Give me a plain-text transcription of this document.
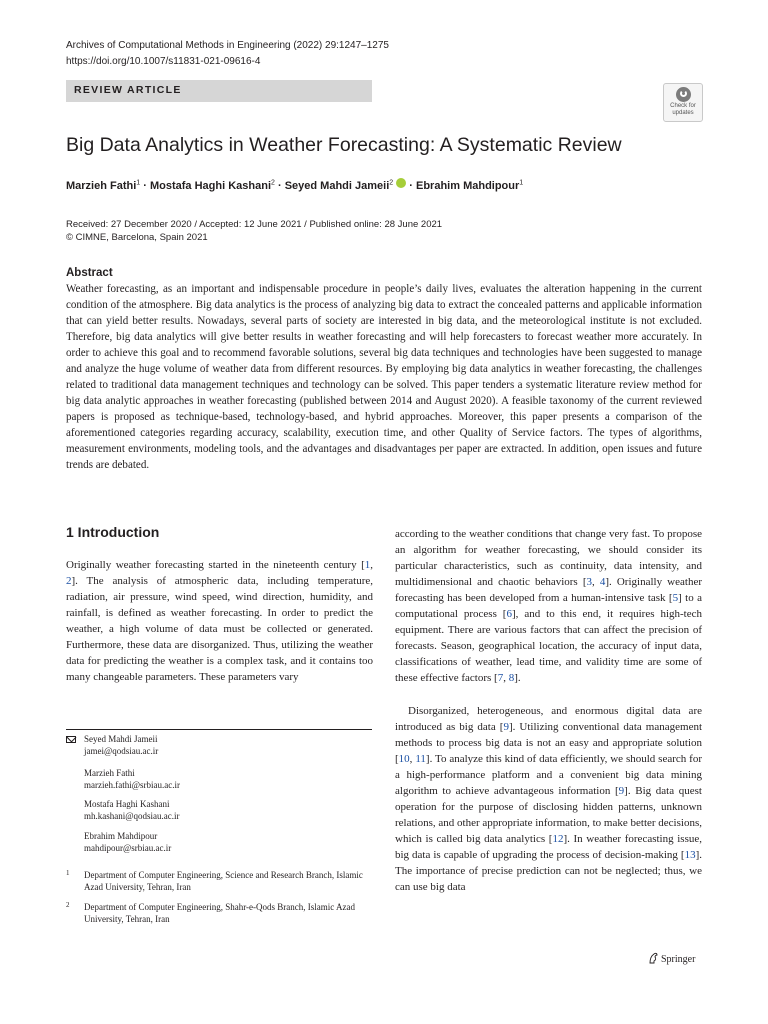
Archives of Computational Methods in Engineering (2022) 29:1247–1275
https://doi.org/10.1007/s11831-021-09616-4
REVIEW ARTICLE
Check for
updates
Big Data Analytics in Weather Forecasting: A Systematic Review
Marzieh Fathi$^1$ · Mostafa Haghi Kashani$^2$ · Seyed Mahdi Jameii$^2$  · Ebrahim Mahdipour$^1$
Received: 27 December 2020 / Accepted: 12 June 2021 / Published online: 28 June 2021
© CIMNE, Barcelona, Spain 2021
Abstract

Weather forecasting, as an important and indispensable procedure in people’s daily lives, evaluates the alteration happening in the current condition of the atmosphere. Big data analytics is the process of analyzing big data to extract the concealed patterns and applicable information that can yield better results. Nowadays, several parts of society are interested in big data, and the meteorological institute is not excluded. Therefore, big data analytics will give better results in weather forecasting and will help forecasters to forecast weather more accurately. In order to achieve this goal and to recommend favorable solutions, several big data techniques and technologies have been suggested to manage and analyze the huge volume of weather data from different resources. By employing big data analytics in weather forecasting, the challenges related to traditional data management techniques and technology can be solved. This paper tenders a systematic literature review method for big data analytic approaches in weather forecasting (published between 2014 and August 2020). A feasible taxonomy of the current reviewed papers is proposed as technique-based, technology-based, and hybrid approaches. Moreover, this paper presents a comparison of the aforementioned categories regarding accuracy, scalability, execution time, and other Quality of Service factors. The types of algorithms, measurement environments, modeling tools, and the advantages and disadvantages per paper are extracted. In addition, open issues and future trends are debated.

1 Introduction

Originally weather forecasting started in the nineteenth century [1, 2]. The analysis of atmospheric data, including temperature, radiation, air pressure, wind speed, wind direction, humidity, and rainfall, is defined as weather forecasting. In order to predict the weather, a high volume of data must be collected or generated. Furthermore, these data are disorganized. Thus, utilizing the weather data for predicting the weather is a complex task, and it contains too many changeable parameters. These parameters vary

according to the weather conditions that change very fast. To propose an algorithm for weather forecasting, we should consider its particular characteristics, such as continuity, data intensity, and multidimensional and chaotic behaviors [3, 4]. Originally weather forecasting has been developed from a human-intensive task [5] to a computational process [6], and to this end, it requires high-tech equipment. There are various factors that can affect the precision of forecasts. Season, geographical location, the accuracy of input data, classifications of weather, lead time, and validity time are some of these effective factors [7, 8].

Disorganized, heterogeneous, and enormous digital data are introduced as big data [9]. Utilizing conventional data management methods to process big data is not an easy and appropriate solution [10, 11]. To analyze this kind of data efficiently, we should search for a high-performance platform and a convenient big data mining algorithm to achieve advantageous information [9]. Big data quest operation for the purpose of disclosing hidden patterns, unknown relations, and other appropriate information, to make better decisions, which is called big data analytics [12]. In weather forecasting issue, big data is capable of upgrading the process of decision-making [13]. The importance of precise prediction can not be neglected; thus, we can use big data

Seyed Mahdi Jameii
jamei@qodsiau.ac.ir
Marzieh Fathi
marzieh.fathi@srbiau.ac.ir
Mostafa Haghi Kashani
mh.kashani@qodsiau.ac.ir
Ebrahim Mahdipour
mahdipour@srbiau.ac.ir
1 Department of Computer Engineering, Science and Research Branch, Islamic Azad University, Tehran, Iran
2 Department of Computer Engineering, Shahr-e-Qods Branch, Islamic Azad University, Tehran, Iran
Springer
